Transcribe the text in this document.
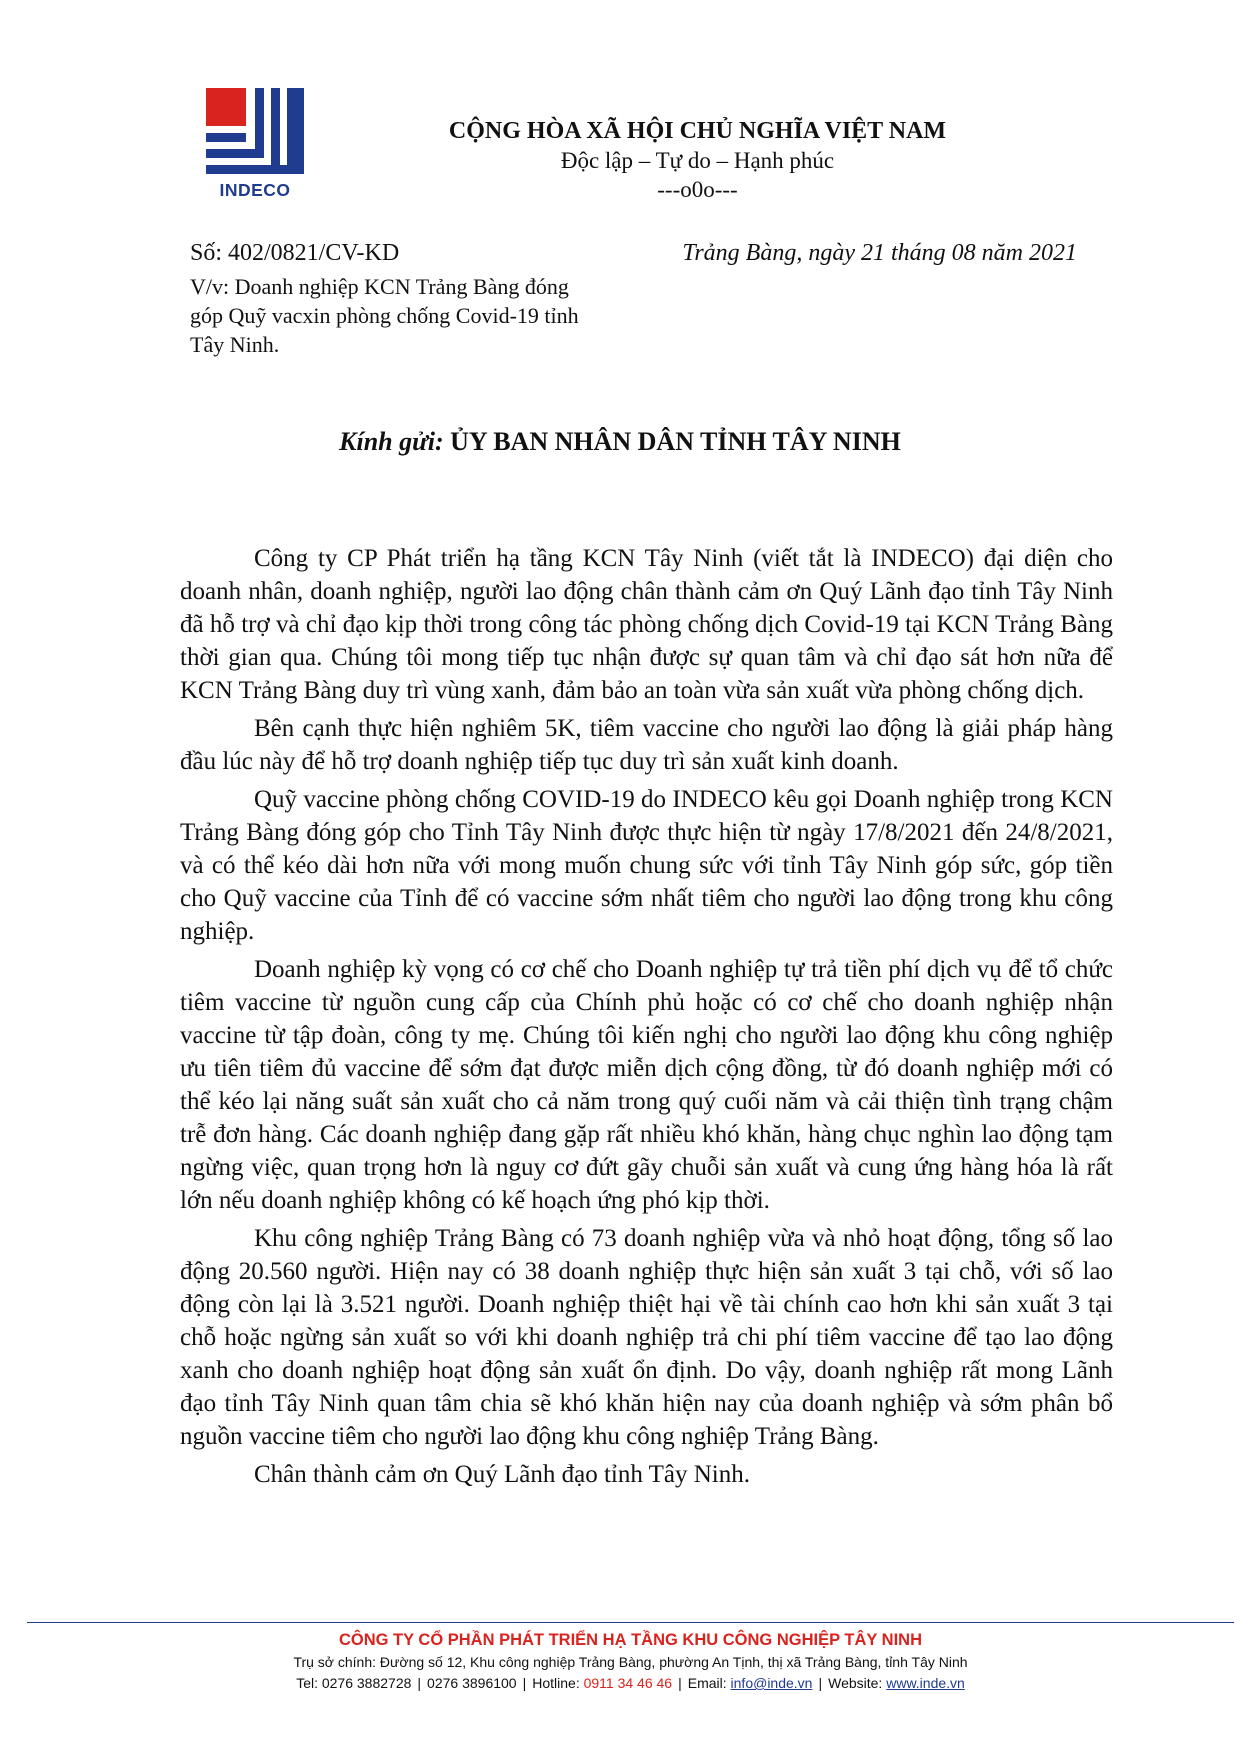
INDECO
CỘNG HÒA XÃ HỘI CHỦ NGHĨA VIỆT NAM
Độc lập – Tự do – Hạnh phúc
---o0o---
Số: 402/0821/CV-KD	Trảng Bàng, ngày 21 tháng 08 năm 2021
V/v: Doanh nghiệp KCN Trảng Bàng đóng
góp Quỹ vacxin phòng chống Covid-19 tỉnh
Tây Ninh.
Kính gửi: ỦY BAN NHÂN DÂN TỈNH TÂY NINH

Công ty CP Phát triển hạ tầng KCN Tây Ninh (viết tắt là INDECO) đại diện cho doanh nhân, doanh nghiệp, người lao động chân thành cảm ơn Quý Lãnh đạo tỉnh Tây Ninh đã hỗ trợ và chỉ đạo kịp thời trong công tác phòng chống dịch Covid-19 tại KCN Trảng Bàng thời gian qua. Chúng tôi mong tiếp tục nhận được sự quan tâm và chỉ đạo sát hơn nữa để KCN Trảng Bàng duy trì vùng xanh, đảm bảo an toàn vừa sản xuất vừa phòng chống dịch.

Bên cạnh thực hiện nghiêm 5K, tiêm vaccine cho người lao động là giải pháp hàng đầu lúc này để hỗ trợ doanh nghiệp tiếp tục duy trì sản xuất kinh doanh.

Quỹ vaccine phòng chống COVID-19 do INDECO kêu gọi Doanh nghiệp trong KCN Trảng Bàng đóng góp cho Tỉnh Tây Ninh được thực hiện từ ngày 17/8/2021 đến 24/8/2021, và có thể kéo dài hơn nữa với mong muốn chung sức với tỉnh Tây Ninh góp sức, góp tiền cho Quỹ vaccine của Tỉnh để có vaccine sớm nhất tiêm cho người lao động trong khu công nghiệp.

Doanh nghiệp kỳ vọng có cơ chế cho Doanh nghiệp tự trả tiền phí dịch vụ để tổ chức tiêm vaccine từ nguồn cung cấp của Chính phủ hoặc có cơ chế cho doanh nghiệp nhận vaccine từ tập đoàn, công ty mẹ. Chúng tôi kiến nghị cho người lao động khu công nghiệp ưu tiên tiêm đủ vaccine để sớm đạt được miễn dịch cộng đồng, từ đó doanh nghiệp mới có thể kéo lại năng suất sản xuất cho cả năm trong quý cuối năm và cải thiện tình trạng chậm trễ đơn hàng. Các doanh nghiệp đang gặp rất nhiều khó khăn, hàng chục nghìn lao động tạm ngừng việc, quan trọng hơn là nguy cơ đứt gãy chuỗi sản xuất và cung ứng hàng hóa là rất lớn nếu doanh nghiệp không có kế hoạch ứng phó kịp thời.

Khu công nghiệp Trảng Bàng có 73 doanh nghiệp vừa và nhỏ hoạt động, tổng số lao động 20.560 người. Hiện nay có 38 doanh nghiệp thực hiện sản xuất 3 tại chỗ, với số lao động còn lại là 3.521 người. Doanh nghiệp thiệt hại về tài chính cao hơn khi sản xuất 3 tại chỗ hoặc ngừng sản xuất so với khi doanh nghiệp trả chi phí tiêm vaccine để tạo lao động xanh cho doanh nghiệp hoạt động sản xuất ổn định. Do vậy, doanh nghiệp rất mong Lãnh đạo tỉnh Tây Ninh quan tâm chia sẽ khó khăn hiện nay của doanh nghiệp và sớm phân bổ nguồn vaccine tiêm cho người lao động khu công nghiệp Trảng Bàng.

Chân thành cảm ơn Quý Lãnh đạo tỉnh Tây Ninh.

CÔNG TY CỔ PHẦN PHÁT TRIỂN HẠ TẦNG KHU CÔNG NGHIỆP TÂY NINH
Trụ sở chính: Đường số 12, Khu công nghiệp Trảng Bàng, phường An Tịnh, thị xã Trảng Bàng, tỉnh Tây Ninh
Tel: 0276 3882728 | 0276 3896100 | Hotline: 0911 34 46 46 | Email: info@inde.vn | Website: www.inde.vn
